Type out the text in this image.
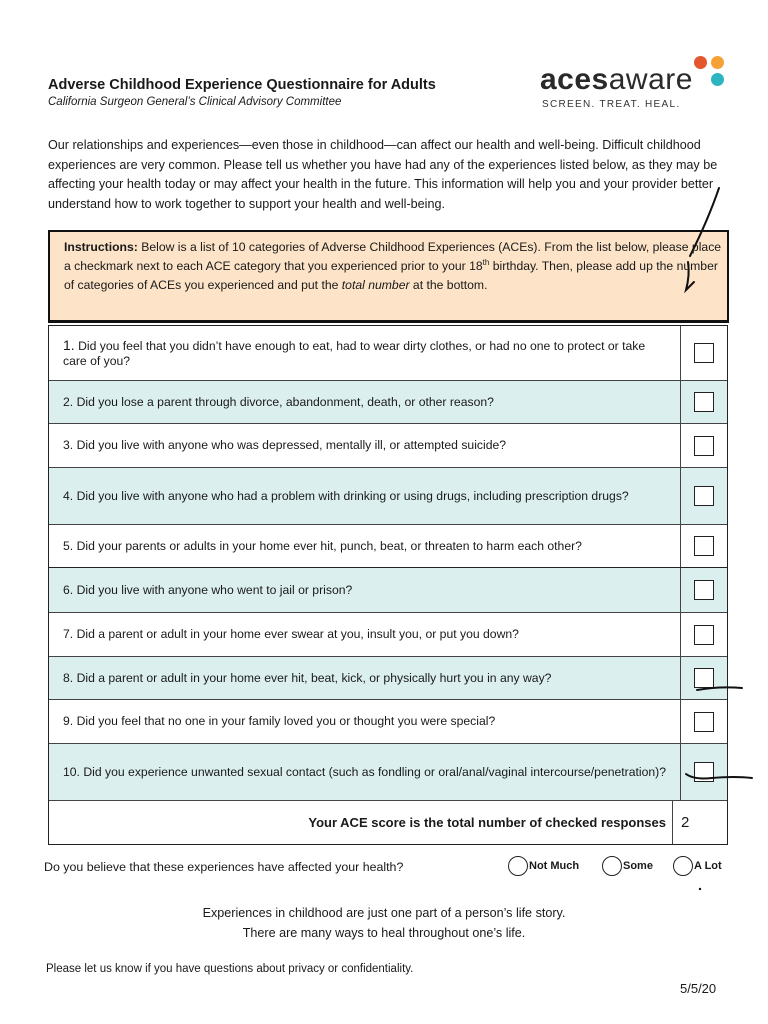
Adverse Childhood Experience Questionnaire for Adults
California Surgeon General’s Clinical Advisory Committee
acesaware
SCREEN. TREAT. HEAL.
Our relationships and experiences—even those in childhood—can affect our health and well-being. Difficult childhood experiences are very common. Please tell us whether you have had any of the experiences listed below, as they may be affecting your health today or may affect your health in the future. This information will help you and your provider better understand how to work together to support your health and well-being.
Instructions: Below is a list of 10 categories of Adverse Childhood Experiences (ACEs). From the list below, please place a checkmark next to each ACE category that you experienced prior to your 18th birthday. Then, please add up the number of categories of ACEs you experienced and put the total number at the bottom.
1. Did you feel that you didn’t have enough to eat, had to wear dirty clothes, or had no one to protect or take care of you?
2. Did you lose a parent through divorce, abandonment, death, or other reason?
3. Did you live with anyone who was depressed, mentally ill, or attempted suicide?
4. Did you live with anyone who had a problem with drinking or using drugs, including prescription drugs?
5. Did your parents or adults in your home ever hit, punch, beat, or threaten to harm each other?
6. Did you live with anyone who went to jail or prison?
7. Did a parent or adult in your home ever swear at you, insult you, or put you down?
8. Did a parent or adult in your home ever hit, beat, kick, or physically hurt you in any way?
9. Did you feel that no one in your family loved you or thought you were special?
10. Did you experience unwanted sexual contact (such as fondling or oral/anal/vaginal intercourse/penetration)?
Your ACE score is the total number of checked responses	2
Do you believe that these experiences have affected your health?	Not Much	Some	A Lot
Experiences in childhood are just one part of a person’s life story.
There are many ways to heal throughout one’s life.
Please let us know if you have questions about privacy or confidentiality.
5/5/20
